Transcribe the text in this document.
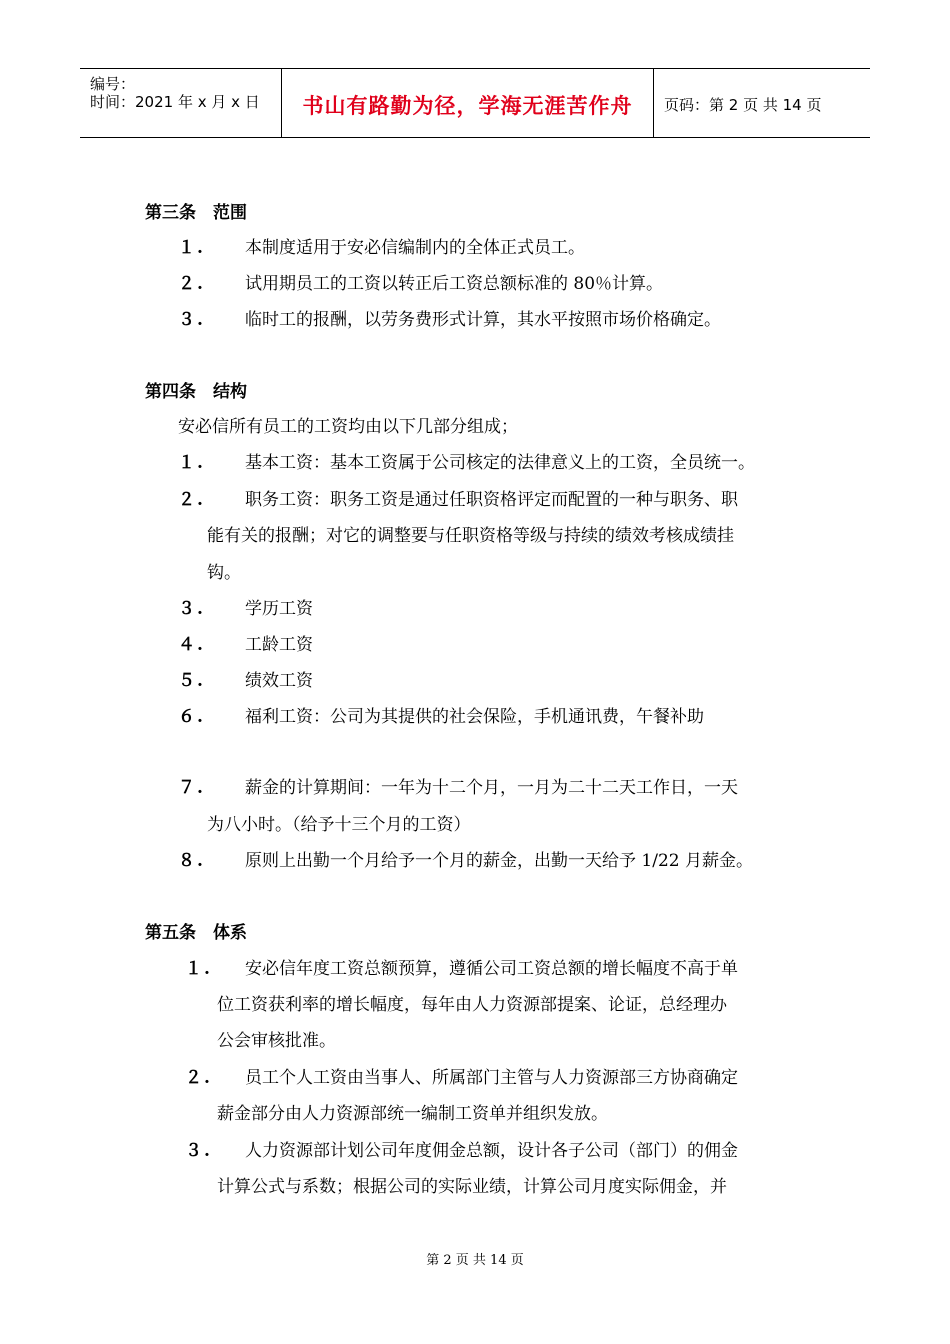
编号：
时间：2021 年 x 月 x 日	书山有路勤为径，学海无涯苦作舟	页码：第 2 页 共 14 页
第三条　范围
１. 本制度适用于安必信编制内的全体正式员工。
２. 试用期员工的工资以转正后工资总额标准的 80％计算。
３. 临时工的报酬，以劳务费形式计算，其水平按照市场价格确定。
第四条　结构
安必信所有员工的工资均由以下几部分组成；
１. 基本工资：基本工资属于公司核定的法律意义上的工资，全员统一。
２. 职务工资：职务工资是通过任职资格评定而配置的一种与职务、职
能有关的报酬；对它的调整要与任职资格等级与持续的绩效考核成绩挂
钩。
３. 学历工资
４. 工龄工资
５. 绩效工资
６. 福利工资：公司为其提供的社会保险，手机通讯费，午餐补助
７. 薪金的计算期间：一年为十二个月，一月为二十二天工作日，一天
为八小时。（给予十三个月的工资）
８. 原则上出勤一个月给予一个月的薪金，出勤一天给予 1/22 月薪金。
第五条　体系
１. 安必信年度工资总额预算，遵循公司工资总额的增长幅度不高于单
位工资获利率的增长幅度，每年由人力资源部提案、论证，总经理办
公会审核批准。
２. 员工个人工资由当事人、所属部门主管与人力资源部三方协商确定
薪金部分由人力资源部统一编制工资单并组织发放。
３. 人力资源部计划公司年度佣金总额，设计各子公司（部门）的佣金
计算公式与系数；根据公司的实际业绩，计算公司月度实际佣金，并
第 2 页 共 14 页
